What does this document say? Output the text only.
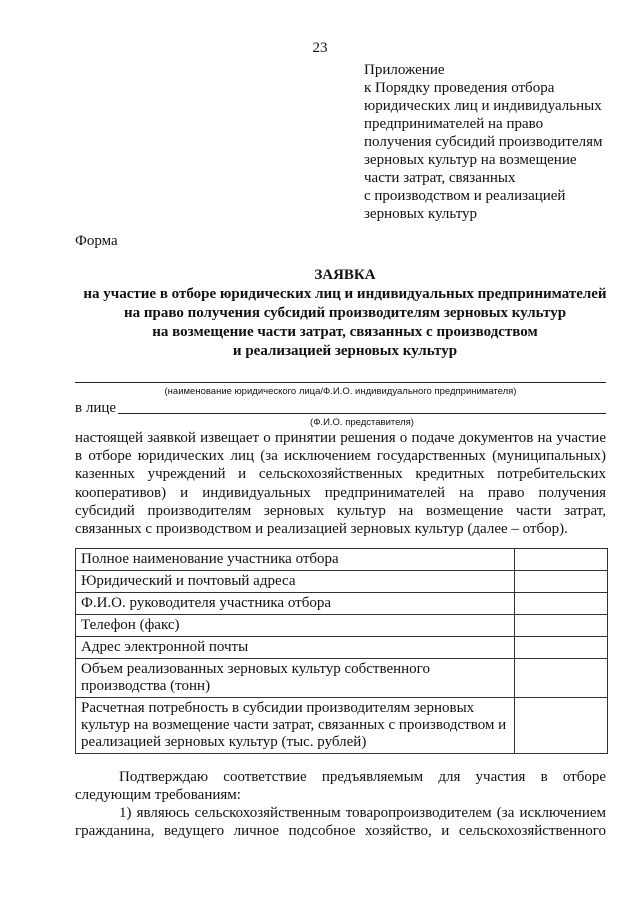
23
Приложение
к Порядку проведения отбора
юридических лиц и индивидуальных
предпринимателей на право
получения субсидий производителям
зерновых культур на возмещение
части затрат, связанных
с производством и реализацией
зерновых культур
Форма
ЗАЯВКА
на участие в отборе юридических лиц и индивидуальных предпринимателей
на право получения субсидий производителям зерновых культур
на возмещение части затрат, связанных с производством
и реализацией зерновых культур
(наименование юридического лица/Ф.И.О. индивидуального предпринимателя)
в лице
(Ф.И.О. представителя)
настоящей заявкой извещает о принятии решения о подаче документов на участие
в отборе юридических лиц (за исключением государственных (муниципальных)
казенных учреждений и сельскохозяйственных кредитных потребительских
кооперативов) и индивидуальных предпринимателей на право получения
субсидий производителям зерновых культур на возмещение части затрат,
связанных с производством и реализацией зерновых культур (далее – отбор).
Полное наименование участника отбора	
Юридический и почтовый адреса	
Ф.И.О. руководителя участника отбора	
Телефон (факс)	
Адрес электронной почты	
Объем реализованных зерновых культур собственного производства (тонн)	
Расчетная потребность в субсидии производителям зерновых культур на возмещение части затрат, связанных с производством и реализацией зерновых культур (тыс. рублей)	
Подтверждаю соответствие предъявляемым для участия в отборе
следующим требованиям:
1) являюсь сельскохозяйственным товаропроизводителем (за исключением
гражданина, ведущего личное подсобное хозяйство, и сельскохозяйственного
